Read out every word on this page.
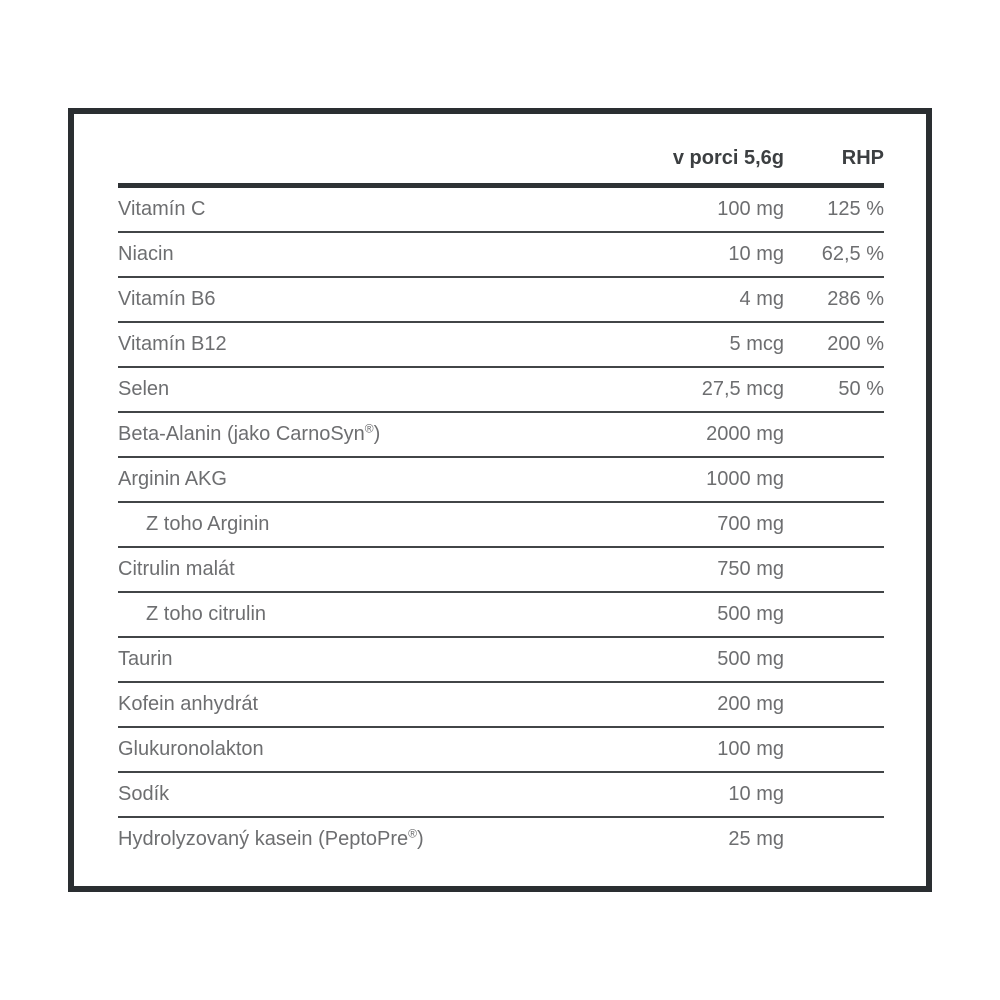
v porci 5,6g	RHP
Vitamín C	100 mg	125 %
Niacin	10 mg	62,5 %
Vitamín B6	4 mg	286 %
Vitamín B12	5 mcg	200 %
Selen	27,5 mcg	50 %
Beta-Alanin (jako CarnoSyn®)	2000 mg
Arginin AKG	1000 mg
Z toho Arginin	700 mg
Citrulin malát	750 mg
Z toho citrulin	500 mg
Taurin	500 mg
Kofein anhydrát	200 mg
Glukuronolakton	100 mg
Sodík	10 mg
Hydrolyzovaný kasein (PeptoPre®)	25 mg
